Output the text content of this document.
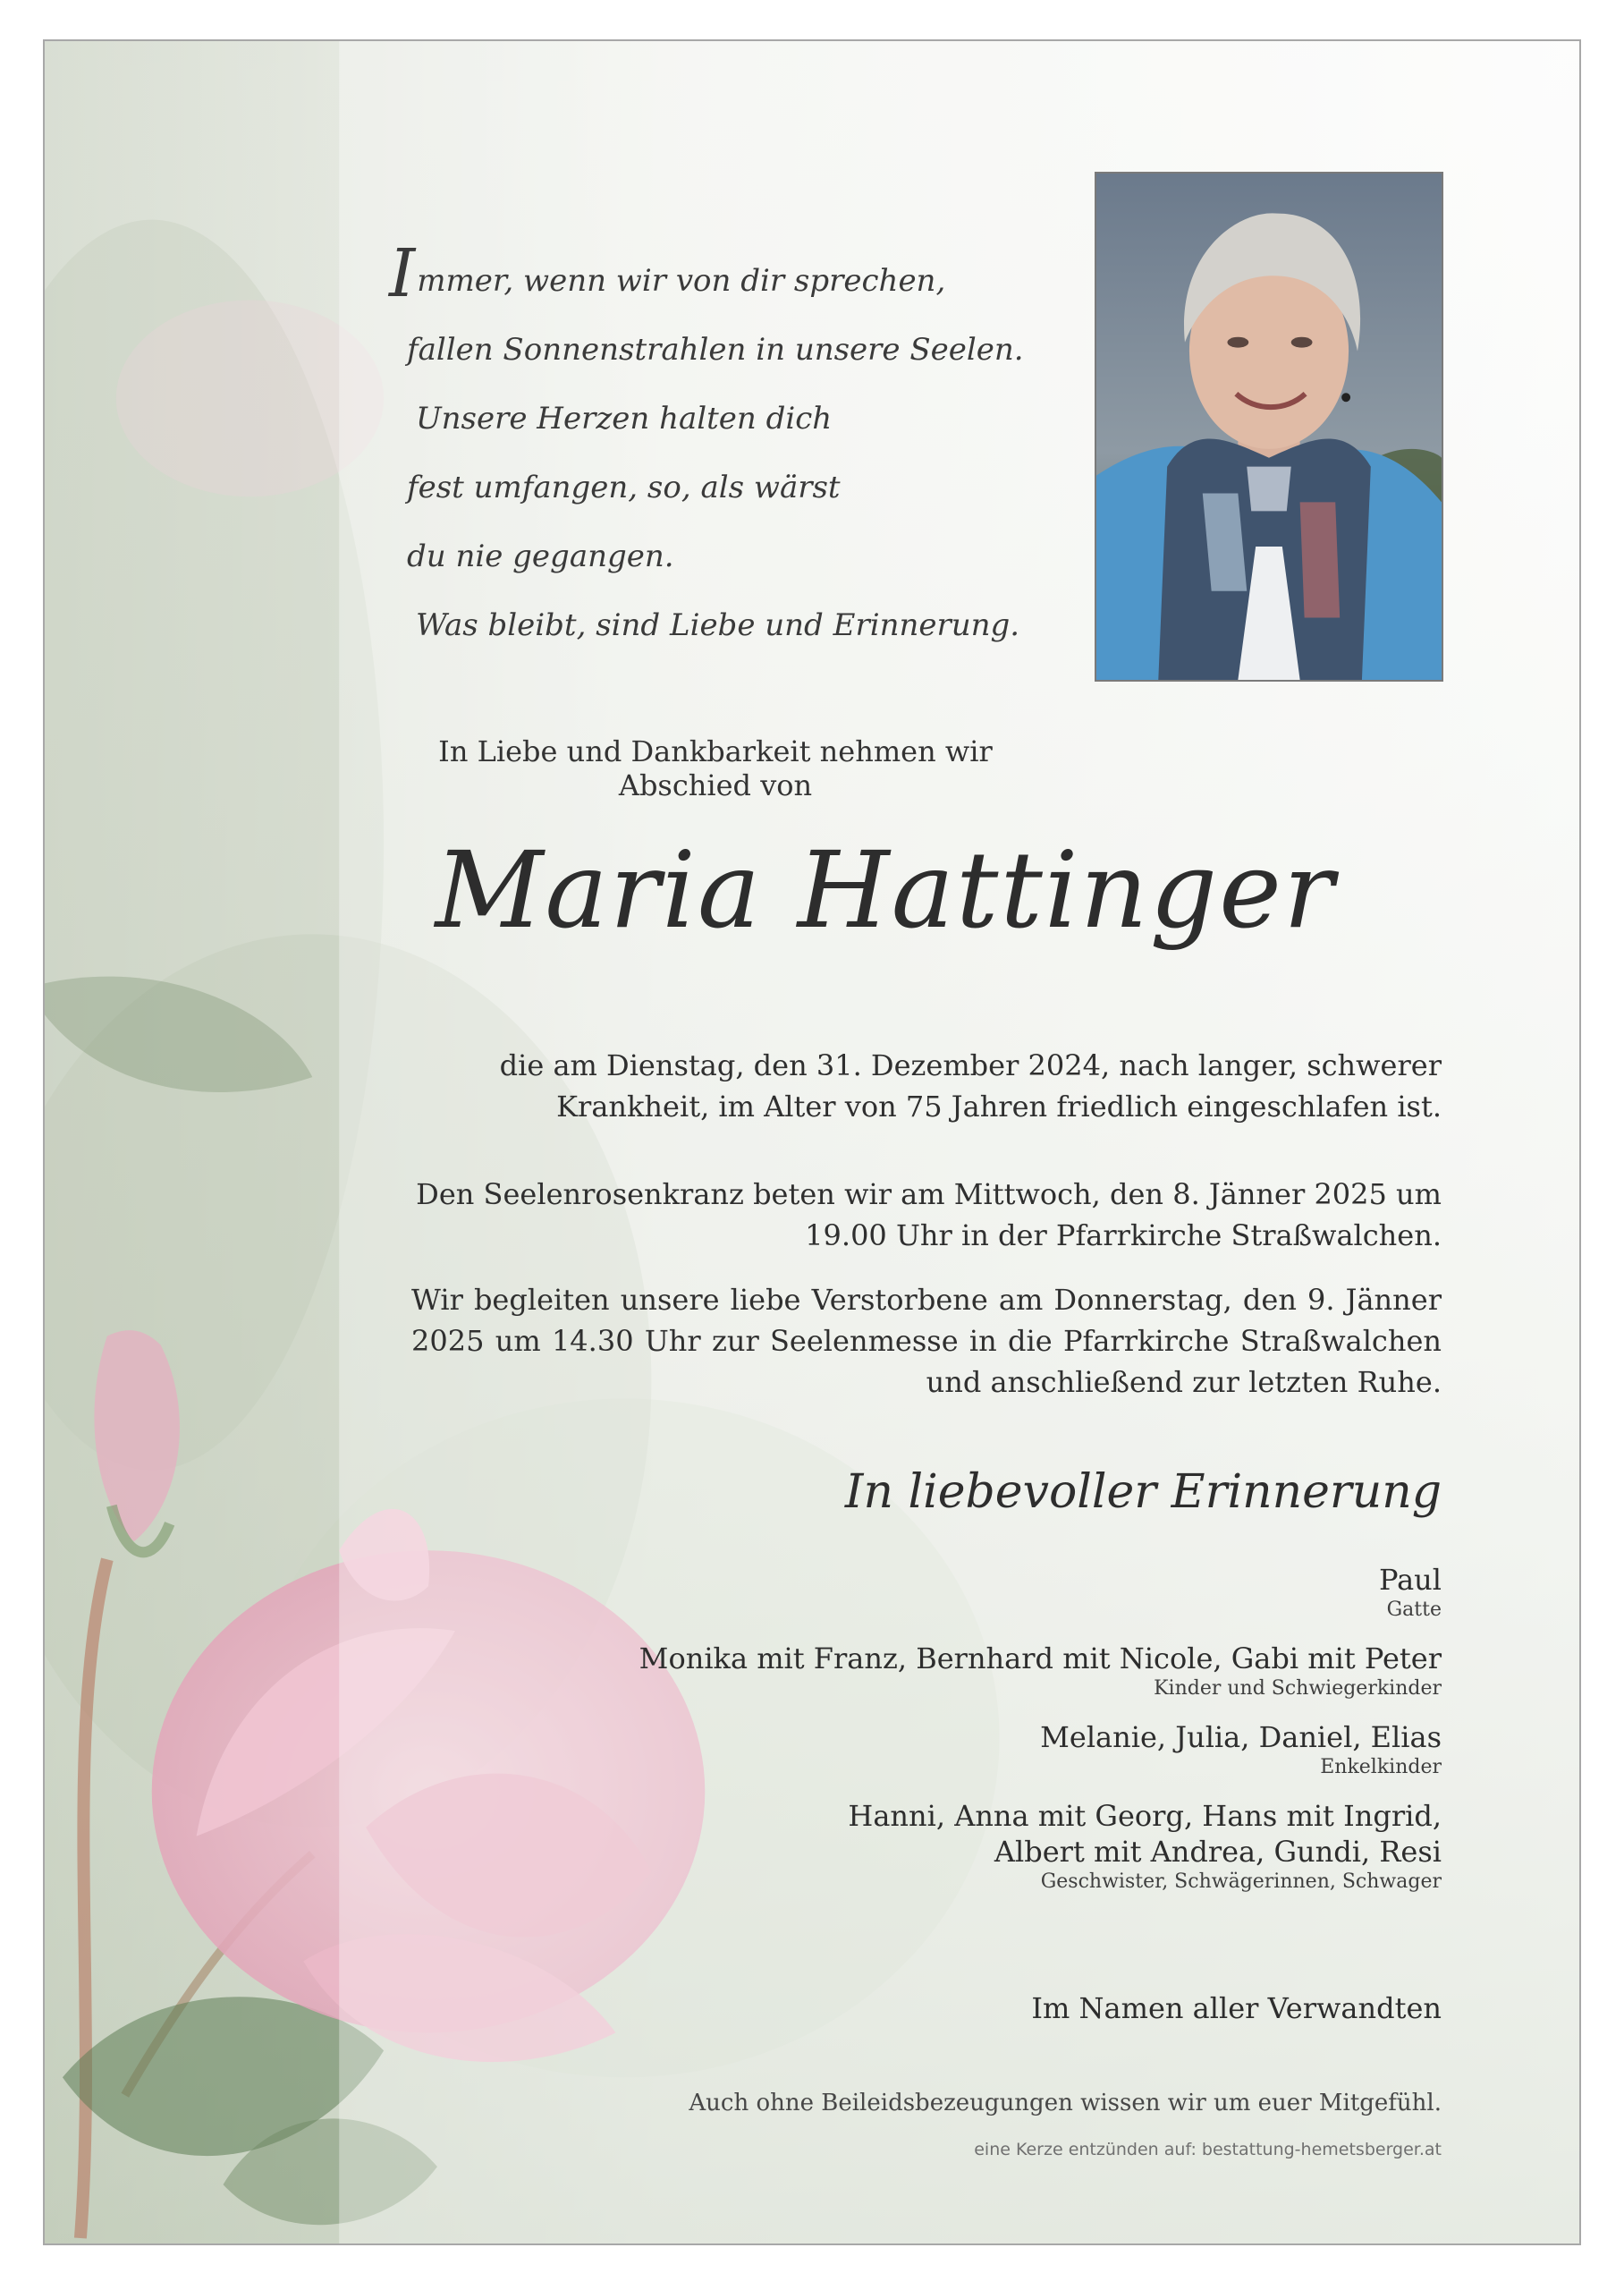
Immer, wenn wir von dir sprechen,
fallen Sonnenstrahlen in unsere Seelen.
Unsere Herzen halten dich
fest umfangen, so, als wärst
du nie gegangen.
Was bleibt, sind Liebe und Erinnerung.
In Liebe und Dankbarkeit nehmen wir Abschied von
Maria Hattinger
die am Dienstag, den 31. Dezember 2024, nach langer, schwerer Krankheit, im Alter von 75 Jahren friedlich eingeschlafen ist.
Den Seelenrosenkranz beten wir am Mittwoch, den 8. Jänner 2025 um 19.00 Uhr in der Pfarrkirche Straßwalchen.
Wir begleiten unsere liebe Verstorbene am Donnerstag, den 9. Jänner 2025 um 14.30 Uhr zur Seelenmesse in die Pfarrkirche Straßwalchen und anschließend zur letzten Ruhe.
In liebevoller Erinnerung
Paul
Gatte
Monika mit Franz, Bernhard mit Nicole, Gabi mit Peter
Kinder und Schwiegerkinder
Melanie, Julia, Daniel, Elias
Enkelkinder
Hanni, Anna mit Georg, Hans mit Ingrid,
Albert mit Andrea, Gundi, Resi
Geschwister, Schwägerinnen, Schwager
Im Namen aller Verwandten
Auch ohne Beileidsbezeugungen wissen wir um euer Mitgefühl.
eine Kerze entzünden auf: bestattung-hemetsberger.at
